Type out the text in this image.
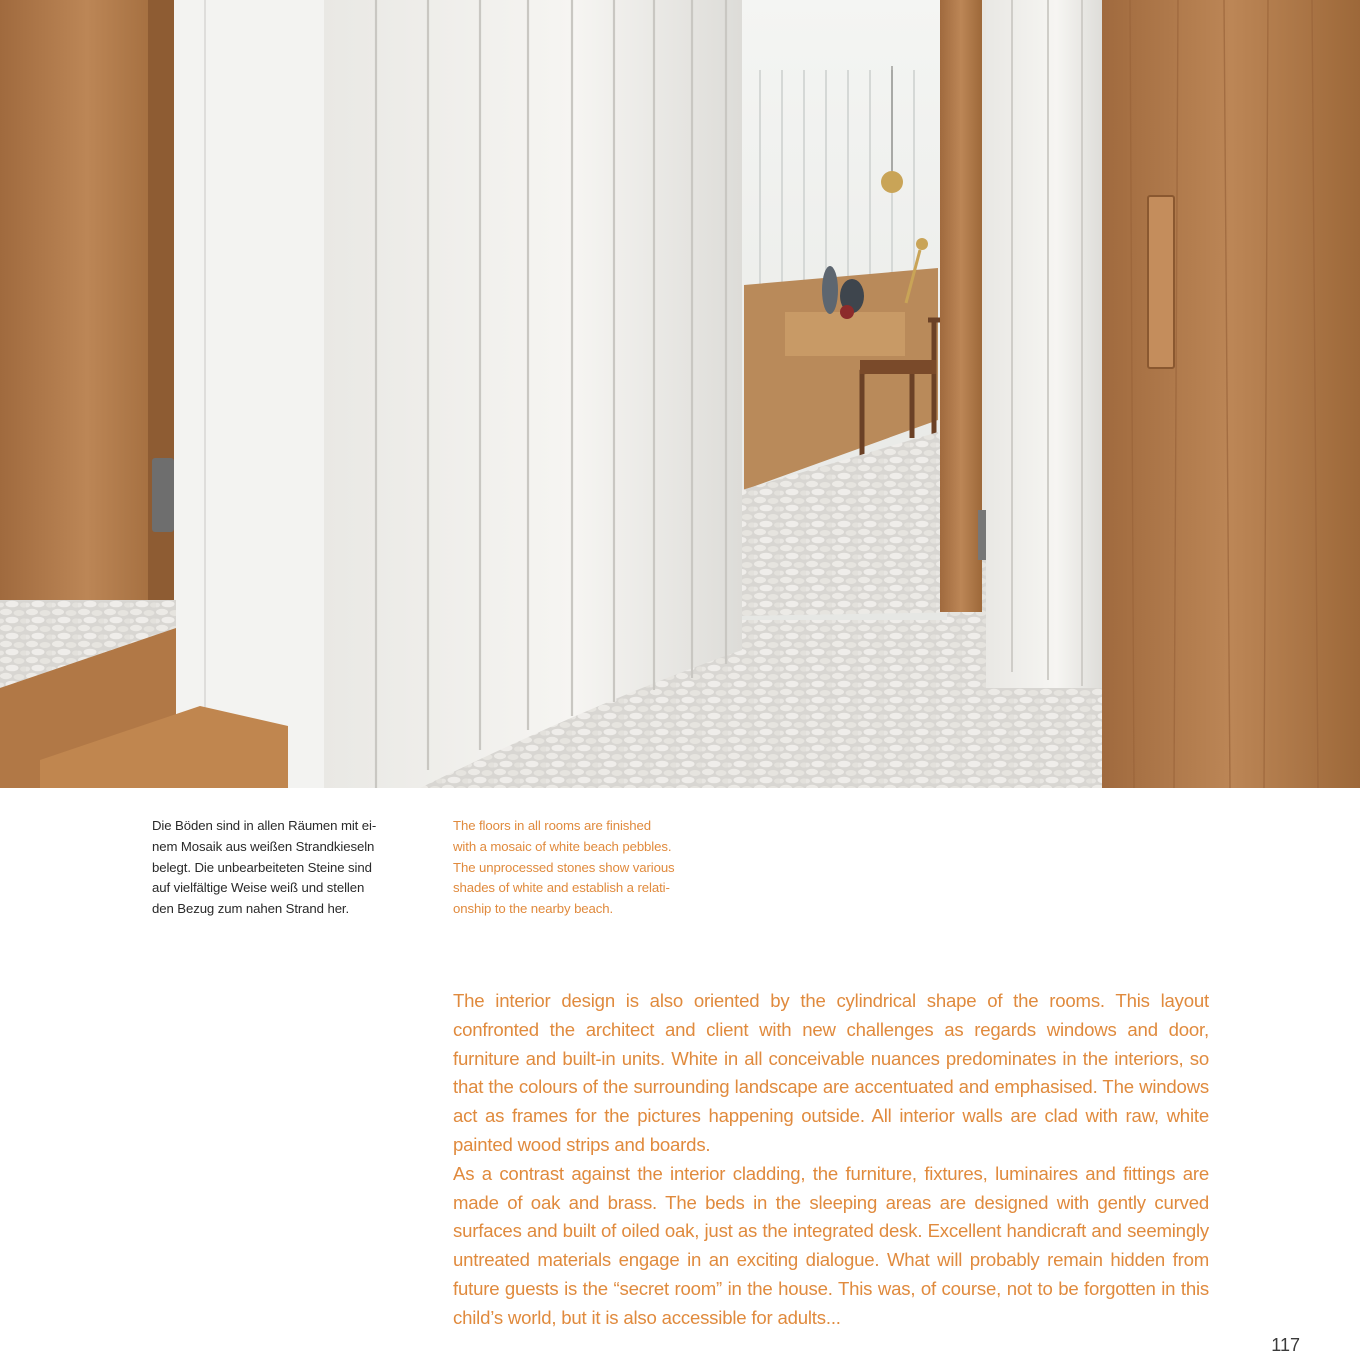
Die Böden sind in allen Räumen mit ei-

nem Mosaik aus weißen Strandkieseln

belegt. Die unbearbeiteten Steine sind

auf vielfältige Weise weiß und stellen

den Bezug zum nahen Strand her.

The floors in all rooms are finished

with a mosaic of white beach pebbles.

The unprocessed stones show various

shades of white and establish a relati-

onship to the nearby beach.

The interior design is also oriented by the cylindrical shape of the rooms. This layout confronted the architect and client with new challenges as regards windows and door, furniture and built-in units. White in all conceivable nuances predominates in the interiors, so that the colours of the surrounding landscape are accentuated and emphasised. The windows act as frames for the pictures happening outside. All interior walls are clad with raw, white painted wood strips and boards.

As a contrast against the interior cladding, the furniture, fixtures, luminaires and fittings are made of oak and brass. The beds in the sleeping areas are designed with gently curved surfaces and built of oiled oak, just as the integrated desk. Excellent handicraft and seemingly untreated materials engage in an exciting dialogue. What will probably remain hidden from future guests is the “secret room” in the house. This was, of course, not to be forgotten in this child’s world, but it is also accessible for adults...

117
